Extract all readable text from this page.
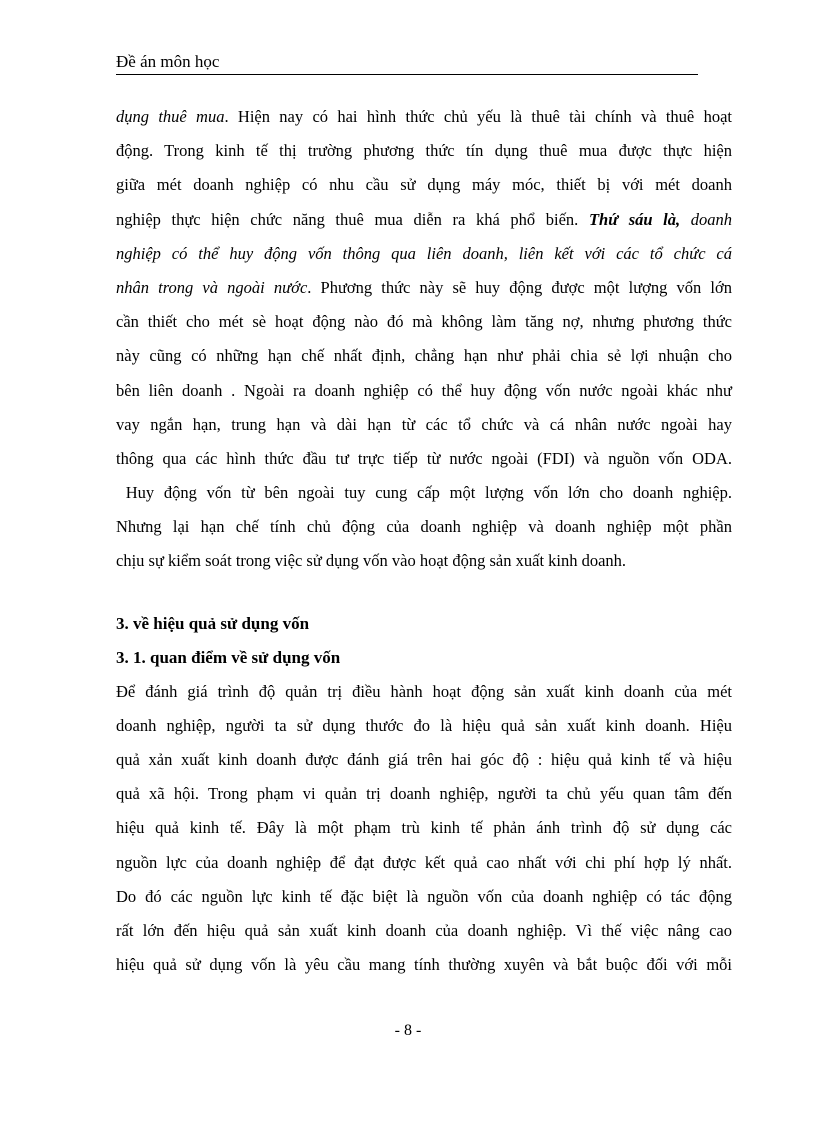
Đề án môn học
dụng thuê mua. Hiện nay có hai hình thức chủ yếu là thuê tài chính và thuê hoạt
động. Trong kinh tế thị trường phương thức tín dụng thuê mua được thực hiện
giữa mét doanh nghiệp có nhu cầu sử dụng máy móc, thiết bị với mét doanh
nghiệp thực hiện chức năng thuê mua diễn ra khá phổ biến. Thứ sáu là, doanh
nghiệp có thể huy động vốn thông qua liên doanh, liên kết với các tổ chức cá
nhân trong và ngoài nước. Phương thức này sẽ huy động được một lượng vốn lớn
cần thiết cho mét sè hoạt động nào đó mà không làm tăng nợ, nhưng phương thức
này cũng có những hạn chế nhất định, chẳng hạn như phải chia sẻ lợi nhuận cho
bên liên doanh . Ngoài ra doanh nghiệp có thể huy động vốn nước ngoài khác như
vay ngắn hạn, trung hạn và dài hạn từ các tổ chức và cá nhân nước ngoài hay
thông qua các hình thức đầu tư trực tiếp từ nước ngoài (FDI) và nguồn vốn ODA.
Huy động vốn từ bên ngoài tuy cung cấp một lượng vốn lớn cho doanh nghiệp.
Nhưng lại hạn chế tính chủ động của doanh nghiệp và doanh nghiệp một phần
chịu sự kiểm soát trong việc sử dụng vốn vào hoạt động sản xuất kinh doanh.
3. về hiệu quả sử dụng vốn
3. 1. quan điểm về sử dụng vốn
Để đánh giá trình độ quản trị điều hành hoạt động sản xuất kinh doanh của mét
doanh nghiệp, người ta sử dụng thước đo là hiệu quả sản xuất kinh doanh. Hiệu
quả xản xuất kinh doanh được đánh giá trên hai góc độ : hiệu quả kinh tế và hiệu
quả xã hội. Trong phạm vi quản trị doanh nghiệp, người ta chủ yếu quan tâm đến
hiệu quả kinh tế. Đây là một phạm trù kinh tế phản ánh trình độ sử dụng các
nguồn lực của doanh nghiệp để đạt được kết quả cao nhất với chi phí hợp lý nhất.
Do đó các nguồn lực kinh tế đặc biệt là nguồn vốn của doanh nghiệp có tác động
rất lớn đến hiệu quả sản xuất kinh doanh của doanh nghiệp. Vì thế việc nâng cao
hiệu quả sử dụng vốn là yêu cầu mang tính thường xuyên và bắt buộc đối với mỗi
- 8 -
